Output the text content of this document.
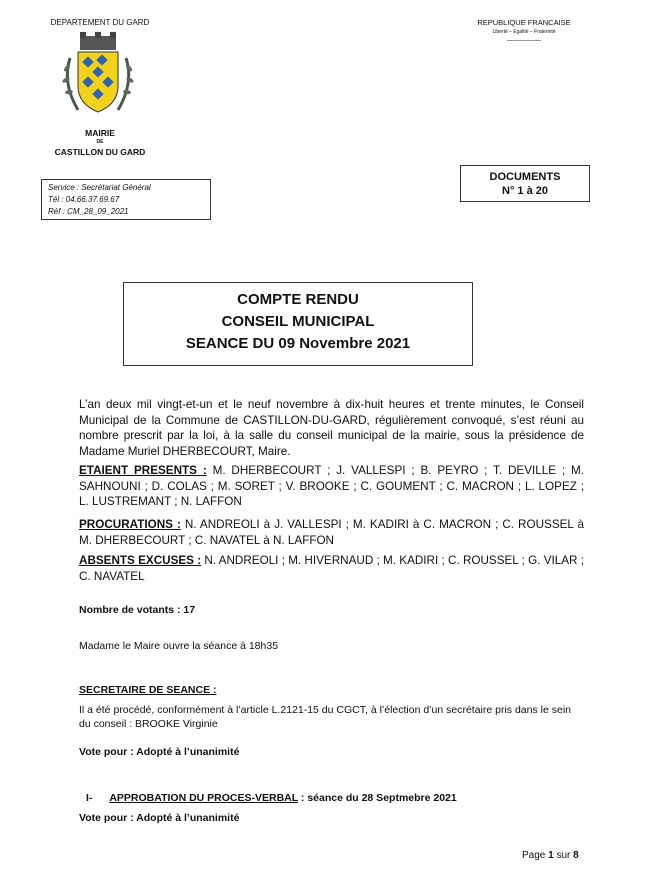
DEPARTEMENT DU GARD
MAIRIE
DE
CASTILLON DU GARD
REPUBLIQUE FRANCAISE
Liberté – Egalité – Fraternité
DOCUMENTS
N° 1 à 20
Service : Secrétariat Général
Tél : 04.66.37.69.67
Réf : CM_28_09_2021
COMPTE RENDU
CONSEIL MUNICIPAL
SEANCE DU 09 Novembre 2021
L’an deux mil vingt-et-un et le neuf novembre à dix-huit heures et trente minutes, le Conseil Municipal de la Commune de CASTILLON-DU-GARD, régulièrement convoqué, s’est réuni au nombre prescrit par la loi, à la salle du conseil municipal de la mairie, sous la présidence de Madame Muriel DHERBECOURT, Maire.
ETAIENT PRESENTS : M. DHERBECOURT ; J. VALLESPI ; B. PEYRO ; T. DEVILLE ; M. SAHNOUNI ; D. COLAS ; M. SORET ; V. BROOKE ; C. GOUMENT ; C. MACRON ; L. LOPEZ ; L. LUSTREMANT ; N. LAFFON
PROCURATIONS : N. ANDREOLI à J. VALLESPI ; M. KADIRI à C. MACRON ; C. ROUSSEL à M. DHERBECOURT ; C. NAVATEL à N. LAFFON
ABSENTS EXCUSES : N. ANDREOLI ; M. HIVERNAUD ; M. KADIRI ; C. ROUSSEL ; G. VILAR ; C. NAVATEL
Nombre de votants : 17
Madame le Maire ouvre la séance à 18h35
SECRETAIRE DE SEANCE :
Il a été procédé, conformément à l’article L.2121-15 du CGCT, à l’élection d’un secrétaire pris dans le sein du conseil : BROOKE Virginie
Vote pour : Adopté à l’unanimité
I- APPROBATION DU PROCES-VERBAL : séance du 28 Septmebre 2021
Vote pour : Adopté à l’unanimité
Page 1 sur 8
